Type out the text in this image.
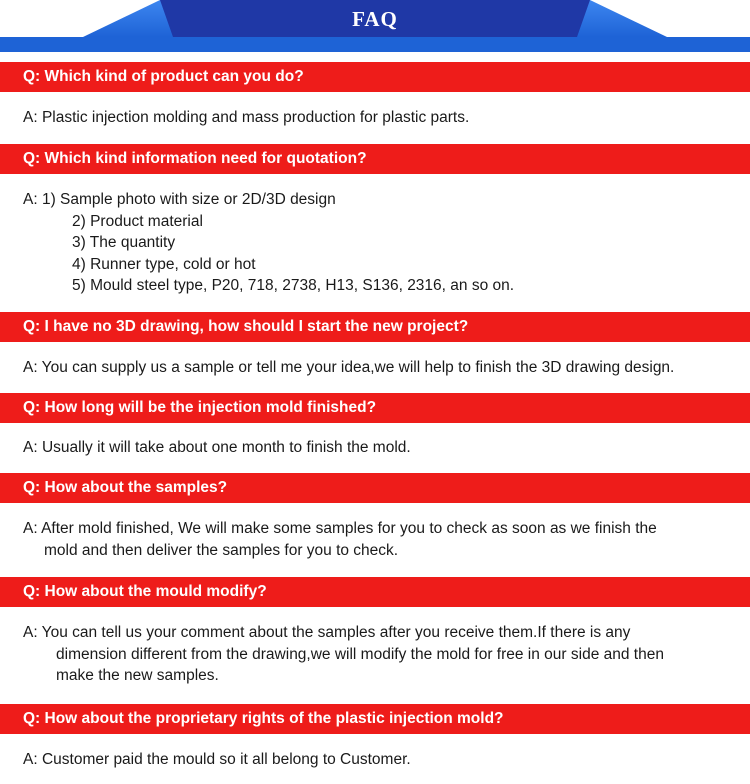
FAQ
Q: Which kind of product can you do?
A: Plastic injection molding and mass production for plastic parts.
Q: Which kind information need for quotation?
A: 1) Sample photo with size or 2D/3D design
2) Product material
3) The quantity
4) Runner type, cold or hot
5) Mould steel type, P20, 718, 2738, H13, S136, 2316, an so on.
Q: I have no 3D drawing, how should I start the new project?
A: You can supply us a sample or tell me your idea,we will help to finish the 3D drawing design.
Q: How long will be the injection mold finished?
A: Usually it will take about one month to finish the mold.
Q: How about the samples?
A: After mold finished, We will make some samples for you to check as soon as we finish the
mold and then deliver the samples for you to check.
Q: How about the mould modify?
A: You can tell us your comment about the samples after you receive them.If there is any
dimension different from the drawing,we will modify the mold for free in our side and then
make the new samples.
Q: How about the proprietary rights of the plastic injection mold?
A: Customer paid the mould so it all belong to Customer.
